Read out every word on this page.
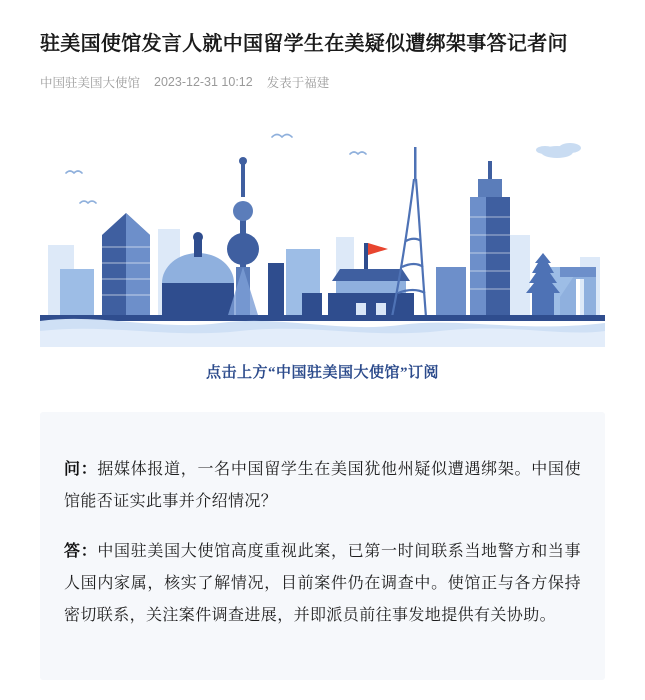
驻美国使馆发言人就中国留学生在美疑似遭绑架事答记者问
中国驻美国大使馆 2023-12-31 10:12 发表于福建
点击上方“中国驻美国大使馆”订阅

问：据媒体报道，一名中国留学生在美国犹他州疑似遭遇绑架。中国使馆能否证实此事并介绍情况？

答：中国驻美国大使馆高度重视此案，已第一时间联系当地警方和当事人国内家属，核实了解情况，目前案件仍在调查中。使馆正与各方保持密切联系，关注案件调查进展，并即派员前往事发地提供有关协助。
